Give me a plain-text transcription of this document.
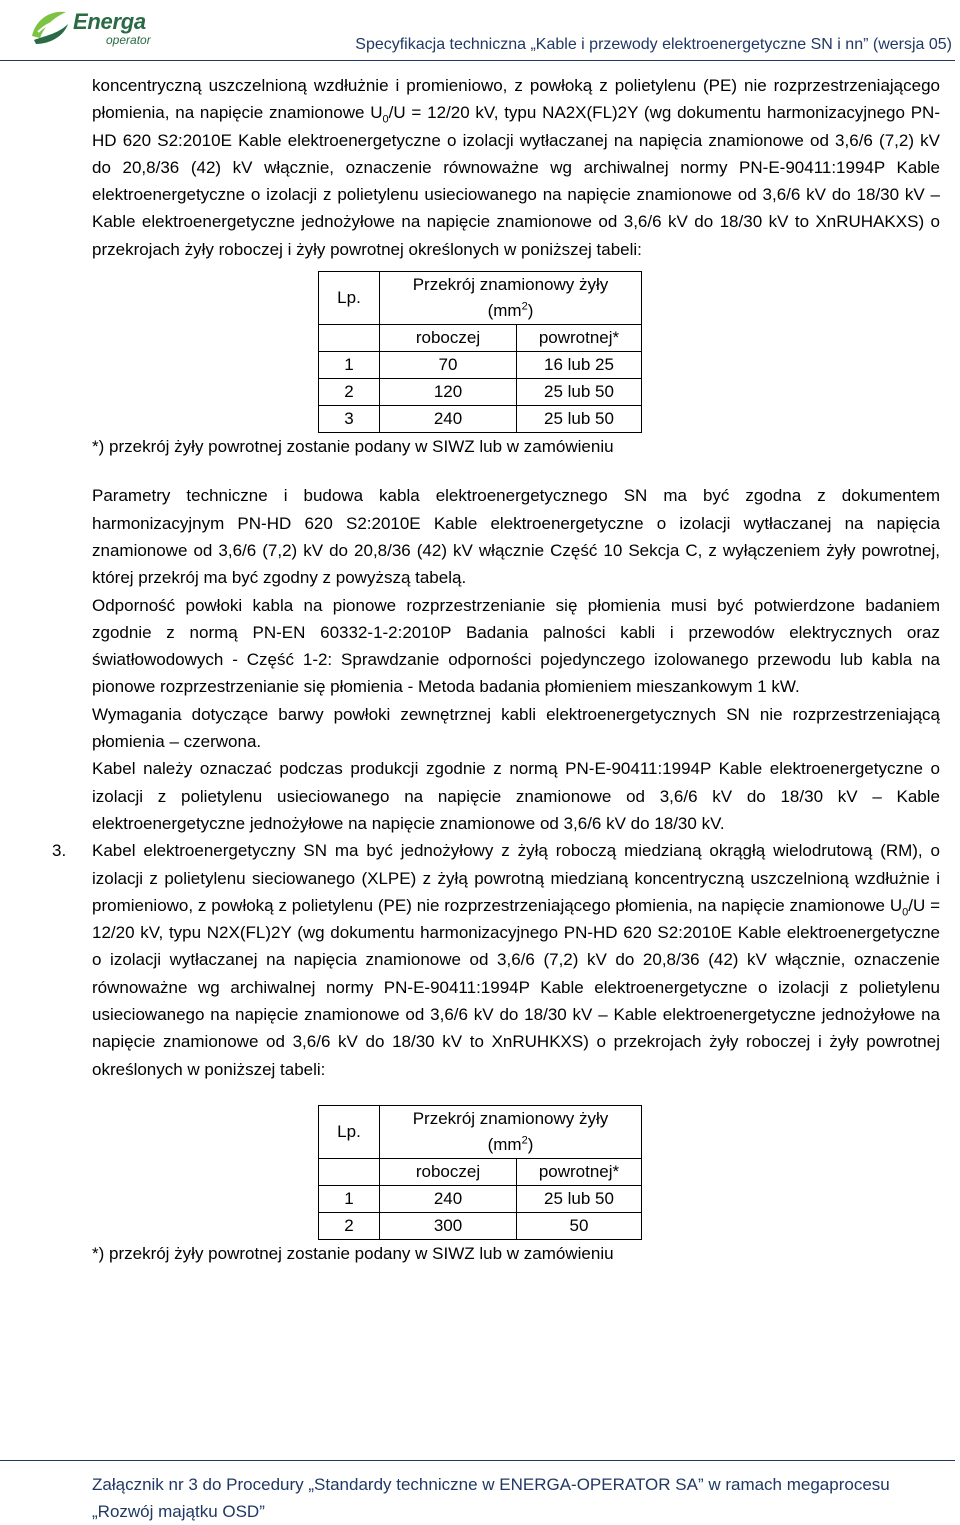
Energa
operator	Specyfikacja techniczna „Kable i przewody elektroenergetyczne SN i nn” (wersja 05)

koncentryczną uszczelnioną wzdłużnie i promieniowo, z powłoką z polietylenu (PE) nie rozprzestrzeniającego płomienia, na napięcie znamionowe $U_0/U = 12/20$ kV, typu NA2X(FL)2Y (wg dokumentu harmonizacyjnego PN-HD 620 S2:2010E Kable elektroenergetyczne o izolacji wytłaczanej na napięcia znamionowe od 3,6/6 (7,2) kV do 20,8/36 (42) kV włącznie, oznaczenie równoważne wg archiwalnej normy PN-E-90411:1994P Kable elektroenergetyczne o izolacji z polietylenu usieciowanego na napięcie znamionowe od 3,6/6 kV do 18/30 kV – Kable elektroenergetyczne jednożyłowe na napięcie znamionowe od 3,6/6 kV do 18/30 kV to XnRUHAKXS) o przekrojach żyły roboczej i żyły powrotnej określonych w poniższej tabeli:

Lp.	Przekrój znamionowy żyły
$(mm^2)$	

	roboczej	powrotnej*
1	70	16 lub 25
2	120	25 lub 50
3	240	25 lub 50

*) przekrój żyły powrotnej zostanie podany w SIWZ lub w zamówieniu

Parametry techniczne i budowa kabla elektroenergetycznego SN ma być zgodna z dokumentem harmonizacyjnym PN-HD 620 S2:2010E Kable elektroenergetyczne o izolacji wytłaczanej na napięcia znamionowe od 3,6/6 (7,2) kV do 20,8/36 (42) kV włącznie Część 10 Sekcja C, z wyłączeniem żyły powrotnej, której przekrój ma być zgodny z powyższą tabelą.

Odporność powłoki kabla na pionowe rozprzestrzenianie się płomienia musi być potwierdzone badaniem zgodnie z normą PN-EN 60332-1-2:2010P Badania palności kabli i przewodów elektrycznych oraz światłowodowych - Część 1-2: Sprawdzanie odporności pojedynczego izolowanego przewodu lub kabla na pionowe rozprzestrzenianie się płomienia - Metoda badania płomieniem mieszankowym 1 kW.

Wymagania dotyczące barwy powłoki zewnętrznej kabli elektroenergetycznych SN nie rozprzestrzeniającą płomienia – czerwona.

Kabel należy oznaczać podczas produkcji zgodnie z normą PN-E-90411:1994P Kable elektroenergetyczne o izolacji z polietylenu usieciowanego na napięcie znamionowe od 3,6/6 kV do 18/30 kV – Kable elektroenergetyczne jednożyłowe na napięcie znamionowe od 3,6/6 kV do 18/30 kV.

3. Kabel elektroenergetyczny SN ma być jednożyłowy z żyłą roboczą miedzianą okrągłą wielodrutową (RM), o izolacji z polietylenu sieciowanego (XLPE) z żyłą powrotną miedzianą koncentryczną uszczelnioną wzdłużnie i promieniowo, z powłoką z polietylenu (PE) nie rozprzestrzeniającego płomienia, na napięcie znamionowe $U_0/U = 12/20$ kV, typu N2X(FL)2Y (wg dokumentu harmonizacyjnego PN-HD 620 S2:2010E Kable elektroenergetyczne o izolacji wytłaczanej na napięcia znamionowe od 3,6/6 (7,2) kV do 20,8/36 (42) kV włącznie, oznaczenie równoważne wg archiwalnej normy PN-E-90411:1994P Kable elektroenergetyczne o izolacji z polietylenu usieciowanego na napięcie znamionowe od 3,6/6 kV do 18/30 kV – Kable elektroenergetyczne jednożyłowe na napięcie znamionowe od 3,6/6 kV do 18/30 kV to XnRUHKXS) o przekrojach żyły roboczej i żyły powrotnej określonych w poniższej tabeli:

Lp.	Przekrój znamionowy żyły
$(mm^2)$	

	roboczej	powrotnej*
1	240	25 lub 50
2	300	50

*) przekrój żyły powrotnej zostanie podany w SIWZ lub w zamówieniu

Załącznik nr 3 do Procedury „Standardy techniczne w ENERGA-OPERATOR SA” w ramach megaprocesu „Rozwój majątku OSD”
